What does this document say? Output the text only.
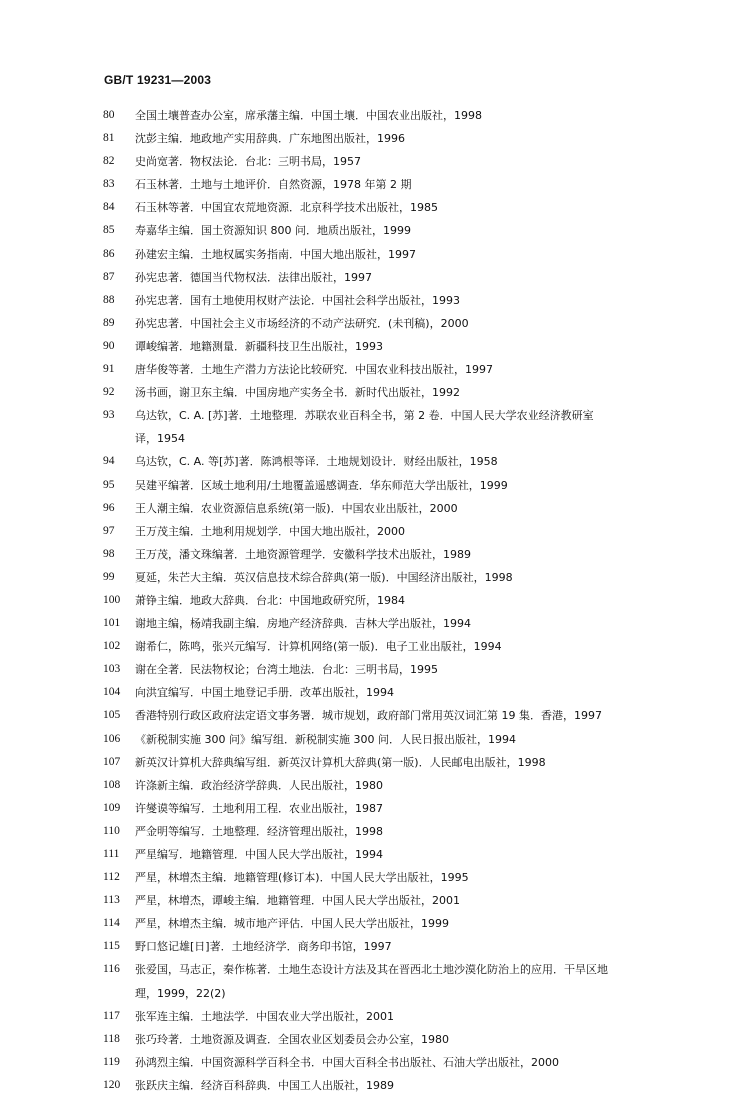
GB/T 19231—2003
80	全国土壤普查办公室，席承藩主编．中国土壤．中国农业出版社，1998
81	沈彭主编．地政地产实用辞典．广东地图出版社，1996
82	史尚宽著．物权法论．台北：三明书局，1957
83	石玉林著．土地与土地评价．自然资源，1978 年第 2 期
84	石玉林等著．中国宜农荒地资源．北京科学技术出版社，1985
85	寿嘉华主编．国土资源知识 800 问．地质出版社，1999
86	孙建宏主编．土地权属实务指南．中国大地出版社，1997
87	孙宪忠著．德国当代物权法．法律出版社，1997
88	孙宪忠著．国有土地使用权财产法论．中国社会科学出版社，1993
89	孙宪忠著．中国社会主义市场经济的不动产法研究．(未刊稿)，2000
90	谭峻编著．地籍测量．新疆科技卫生出版社，1993
91	唐华俊等著．土地生产潜力方法论比较研究．中国农业科技出版社，1997
92	汤书画，谢卫东主编．中国房地产实务全书．新时代出版社，1992
93	乌达钦，C. A. [苏]著．土地整理．苏联农业百科全书，第 2 卷．中国人民大学农业经济教研室
译，1954
94	乌达钦，C. A. 等[苏]著．陈鸿根等译．土地规划设计．财经出版社，1958
95	吴建平编著．区域土地利用/土地覆盖遥感调查．华东师范大学出版社，1999
96	王人潮主编．农业资源信息系统(第一版)．中国农业出版社，2000
97	王万茂主编．土地利用规划学．中国大地出版社，2000
98	王万茂，潘文珠编著．土地资源管理学．安徽科学技术出版社，1989
99	夏延，朱芒大主编．英汉信息技术综合辞典(第一版)．中国经济出版社，1998
100	萧铮主编．地政大辞典．台北：中国地政研究所，1984
101	谢地主编，杨靖我副主编．房地产经济辞典．吉林大学出版社，1994
102	谢希仁，陈鸣，张兴元编写．计算机网络(第一版)．电子工业出版社，1994
103	谢在全著．民法物权论；台湾土地法．台北：三明书局，1995
104	向洪宜编写．中国土地登记手册．改革出版社，1994
105	香港特别行政区政府法定语文事务署．城市规划，政府部门常用英汉词汇第 19 集．香港，1997
106	《新税制实施 300 问》编写组．新税制实施 300 问．人民日报出版社，1994
107	新英汉计算机大辞典编写组．新英汉计算机大辞典(第一版)．人民邮电出版社，1998
108	许涤新主编．政治经济学辞典．人民出版社，1980
109	许燮谟等编写．土地利用工程．农业出版社，1987
110	严金明等编写．土地整理．经济管理出版社，1998
111	严星编写．地籍管理．中国人民大学出版社，1994
112	严星，林增杰主编．地籍管理(修订本)．中国人民大学出版社，1995
113	严星，林增杰，谭峻主编．地籍管理．中国人民大学出版社，2001
114	严星，林增杰主编．城市地产评估．中国人民大学出版社，1999
115	野口悠记雄[日]著．土地经济学．商务印书馆，1997
116	张爱国，马志正，秦作栋著．土地生态设计方法及其在晋西北土地沙漠化防治上的应用．干旱区地
理，1999，22(2)
117	张军连主编．土地法学．中国农业大学出版社，2001
118	张巧玲著．土地资源及调查．全国农业区划委员会办公室，1980
119	孙鸿烈主编．中国资源科学百科全书．中国大百科全书出版社、石油大学出版社，2000
120	张跃庆主编．经济百科辞典．中国工人出版社，1989
